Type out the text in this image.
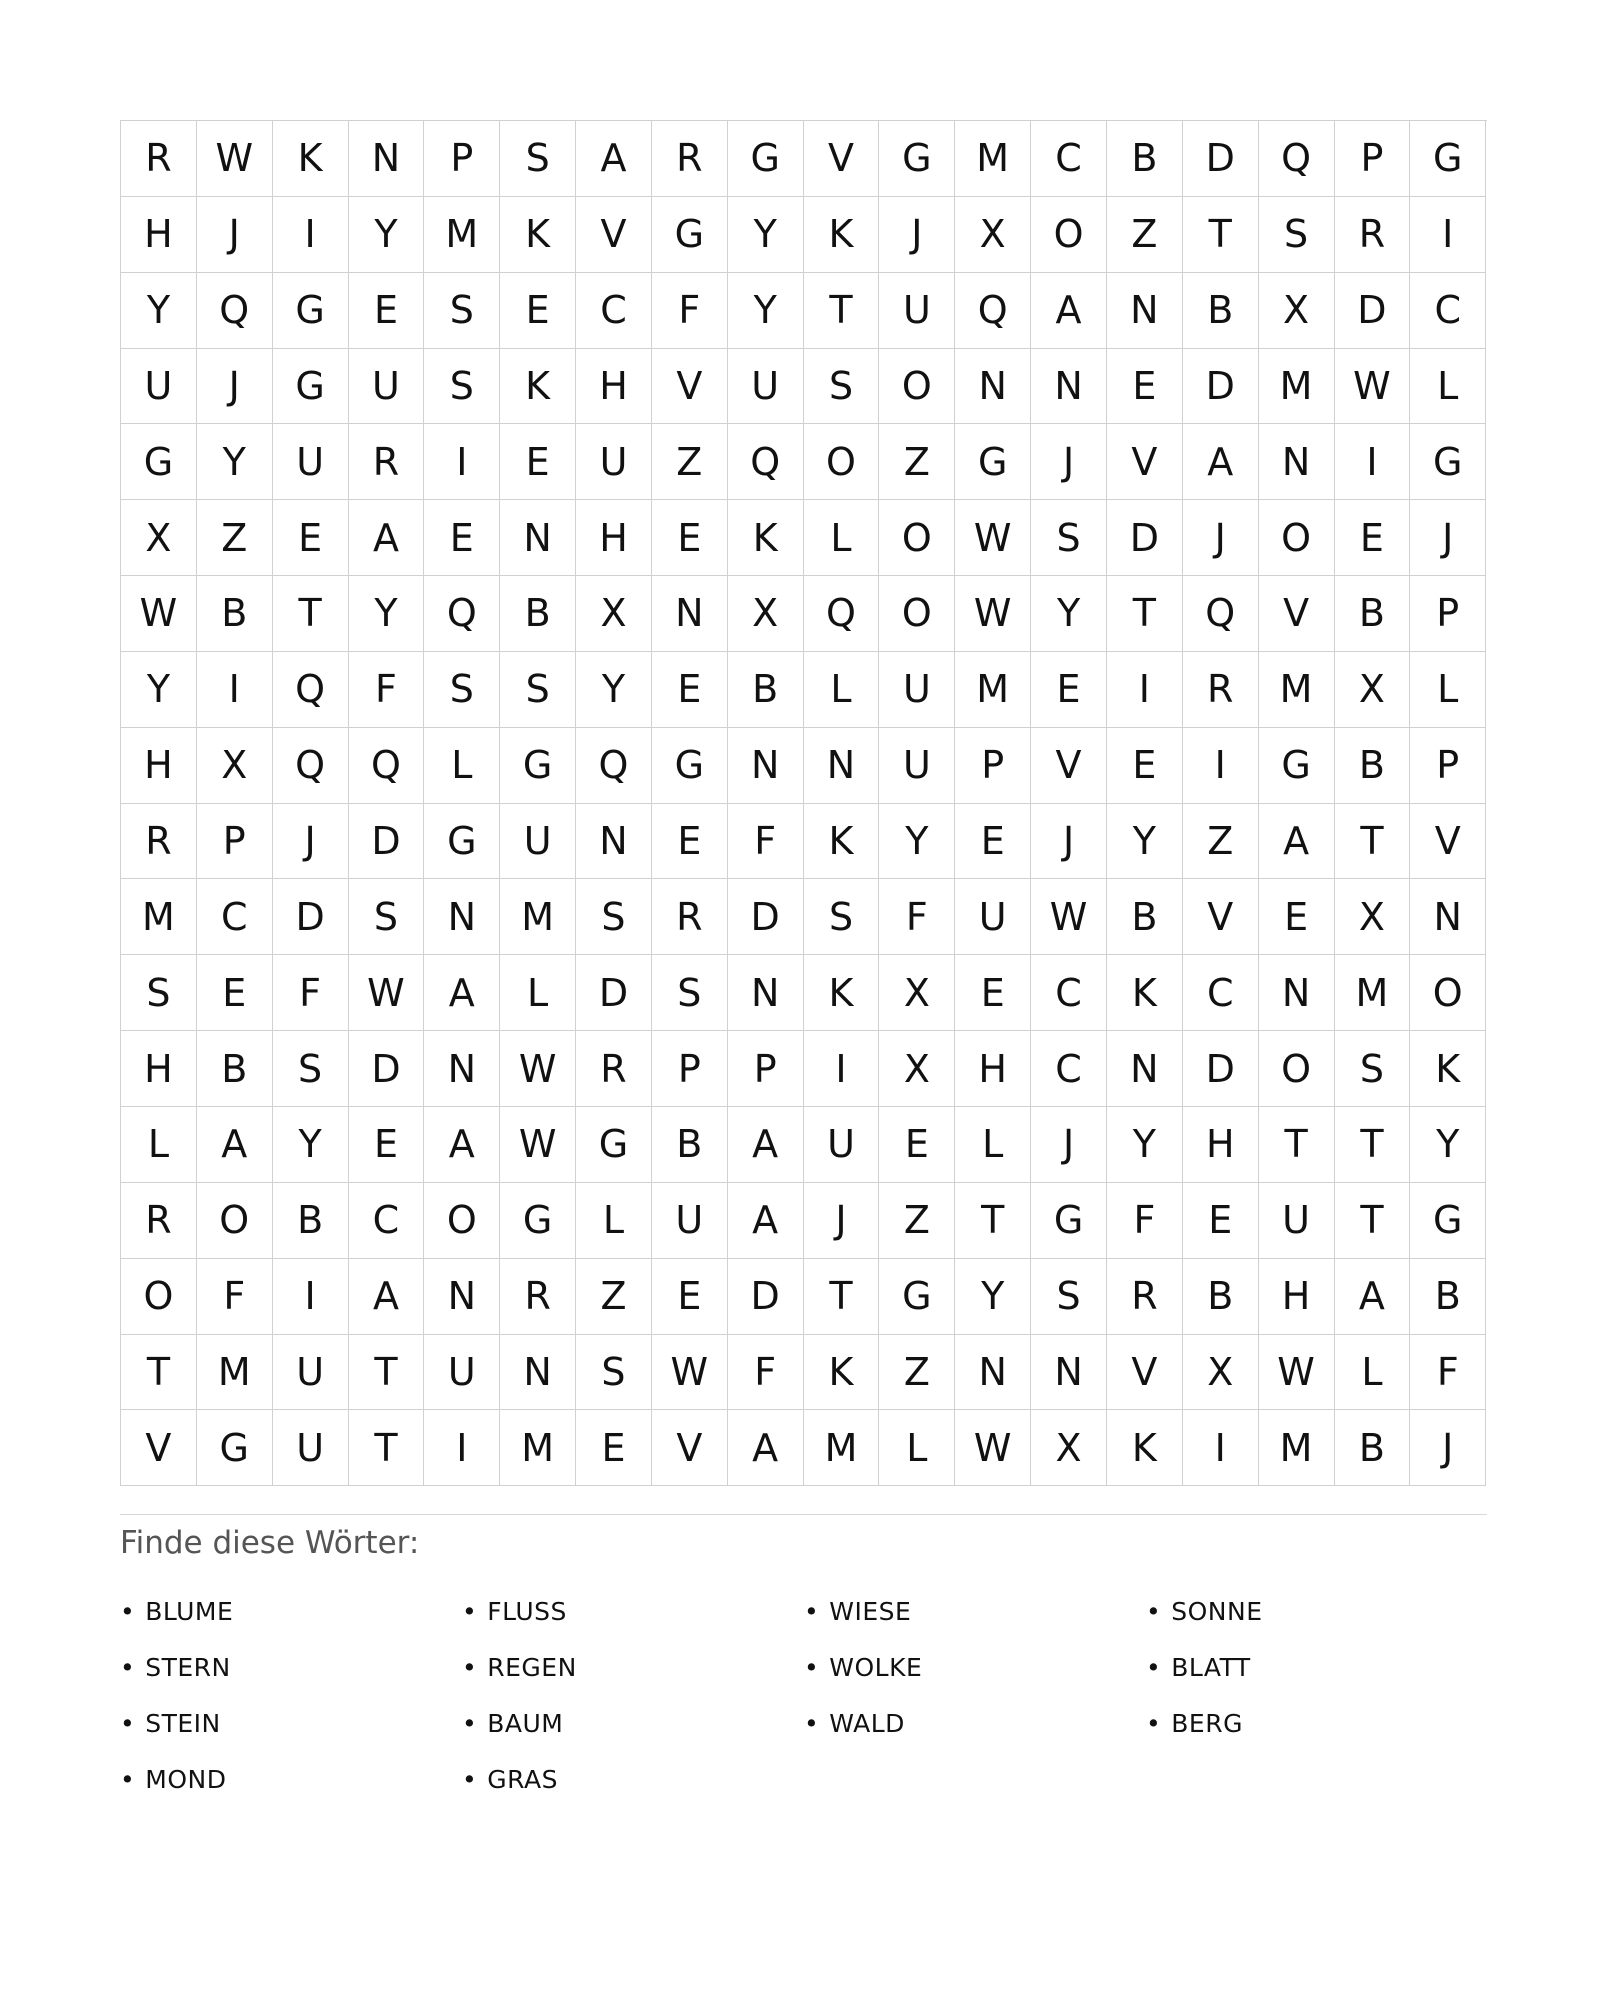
R	W	K	N	P	S	A	R	G	V	G	M	C	B	D	Q	P	G
H	J	I	Y	M	K	V	G	Y	K	J	X	O	Z	T	S	R	I
Y	Q	G	E	S	E	C	F	Y	T	U	Q	A	N	B	X	D	C
U	J	G	U	S	K	H	V	U	S	O	N	N	E	D	M	W	L
G	Y	U	R	I	E	U	Z	Q	O	Z	G	J	V	A	N	I	G
X	Z	E	A	E	N	H	E	K	L	O	W	S	D	J	O	E	J
W	B	T	Y	Q	B	X	N	X	Q	O	W	Y	T	Q	V	B	P
Y	I	Q	F	S	S	Y	E	B	L	U	M	E	I	R	M	X	L
H	X	Q	Q	L	G	Q	G	N	N	U	P	V	E	I	G	B	P
R	P	J	D	G	U	N	E	F	K	Y	E	J	Y	Z	A	T	V
M	C	D	S	N	M	S	R	D	S	F	U	W	B	V	E	X	N
S	E	F	W	A	L	D	S	N	K	X	E	C	K	C	N	M	O
H	B	S	D	N	W	R	P	P	I	X	H	C	N	D	O	S	K
L	A	Y	E	A	W	G	B	A	U	E	L	J	Y	H	T	T	Y
R	O	B	C	O	G	L	U	A	J	Z	T	G	F	E	U	T	G
O	F	I	A	N	R	Z	E	D	T	G	Y	S	R	B	H	A	B
T	M	U	T	U	N	S	W	F	K	Z	N	N	V	X	W	L	F
V	G	U	T	I	M	E	V	A	M	L	W	X	K	I	M	B	J
Finde diese Wörter:
• BLUME	• FLUSS	• WIESE	• SONNE
• STERN	• REGEN	• WOLKE	• BLATT
• STEIN	• BAUM	• WALD	• BERG
• MOND	• GRAS
